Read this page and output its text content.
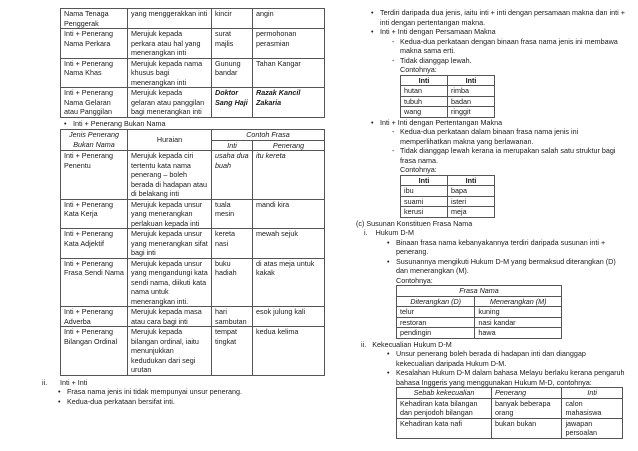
Nama Tenaga Penggerak	yang menggerakkan inti	kincir	angin
Inti + Penerang Nama Perkara	Merujuk kepada perkara atau hal yang menerangkan inti	surat majlis	permohonan perasmian
Inti + Penerang Nama Khas	Merujuk kepada nama khusus bagi menerangkan inti	Gunung bandar	Tahan Kangar
Inti + Penerang Nama Gelaran atau Panggilan	Merujuk kepada gelaran atau panggilan bagi menerangkan inti	Doktor Sang Haji	Razak Kancil Zakaria
• Inti + Penerang Bukan Nama
Jenis Penerang Bukan Nama	Huraian	Contoh Frasa	
		Inti	Penerang
Inti + Penerang Penentu	Merujuk kepada ciri tertentu kata nama penerang – boleh berada di hadapan atau di belakang inti	usaha dua buah	itu kereta
Inti + Penerang Kata Kerja	Merujuk kepada unsur yang menerangkan perlakuan kepada inti	tuala mesin	mandi kira
Inti + Penerang Kata Adjektif	Merujuk kepada unsur yang menerangkan sifat bagi inti	kereta nasi	mewah sejuk
Inti + Penerang Frasa Sendi Nama	Merujuk kepada unsur yang mengandungi kata sendi nama, diikuti kata nama untuk menerangkan inti.	buku hadiah	di atas meja untuk kakak
Inti + Penerang Adverba	Merujuk kepada masa atau cara bagi inti	hari sambutan	esok julung kali
Inti + Penerang Bilangan Ordinal	Merujuk kepada bilangan ordinal, iaitu menunjukkan kedudukan dari segi urutan	tempat tingkat	kedua kelima
ii. Inti + Inti
• Frasa nama jenis ini tidak mempunyai unsur penerang.
• Kedua-dua perkataan bersifat inti.
• Terdiri daripada dua jenis, iaitu inti + inti dengan persamaan makna dan inti + inti dengan pertentangan makna.
• Inti + Inti dengan Persamaan Makna
- Kedua-dua perkataan dengan binaan frasa nama jenis ini membawa makna sama erti.
- Tidak dianggap lewah.
Contohnya:
Inti	Inti
hutan	rimba
tubuh	badan
wang	ringgit
• Inti + Inti dengan Pertentangan Makna
- Kedua-dua perkataan dalam binaan frasa nama jenis ini memperlihatkan makna yang berlawanan.
- Tidak dianggap lewah kerana ia merupakan salah satu struktur bagi frasa nama.
Contohnya:
Inti	Inti
ibu	bapa
suami	isteri
kerusi	meja
(c) Susunan Konstituen Frasa Nama
i. Hukum D-M
• Binaan frasa nama kebanyakannya terdiri daripada susunan inti + penerang.
• Susunannya mengikuti Hukum D-M yang bermaksud diterangkan (D) dan menerangkan (M).
Contohnya:
Frasa Nama	
Diterangkan (D)	Menerangkan (M)
telur	kuning
restoran	nasi kandar
pendingin	hawa
ii. Kekecualian Hukum D-M
• Unsur penerang boleh berada di hadapan inti dan dianggap kekecualian daripada Hukum D-M.
• Kesalahan Hukum D-M dalam bahasa Melayu berlaku kerana pengaruh bahasa Inggeris yang menggunakan Hukum M-D, contohnya:
Sebab kekecualian	Penerang	Inti
Kehadiran kata bilangan dan penjodoh bilangan	banyak beberapa orang	calon mahasiswa
Kehadiran kata nafi	bukan bukan	jawapan persoalan
